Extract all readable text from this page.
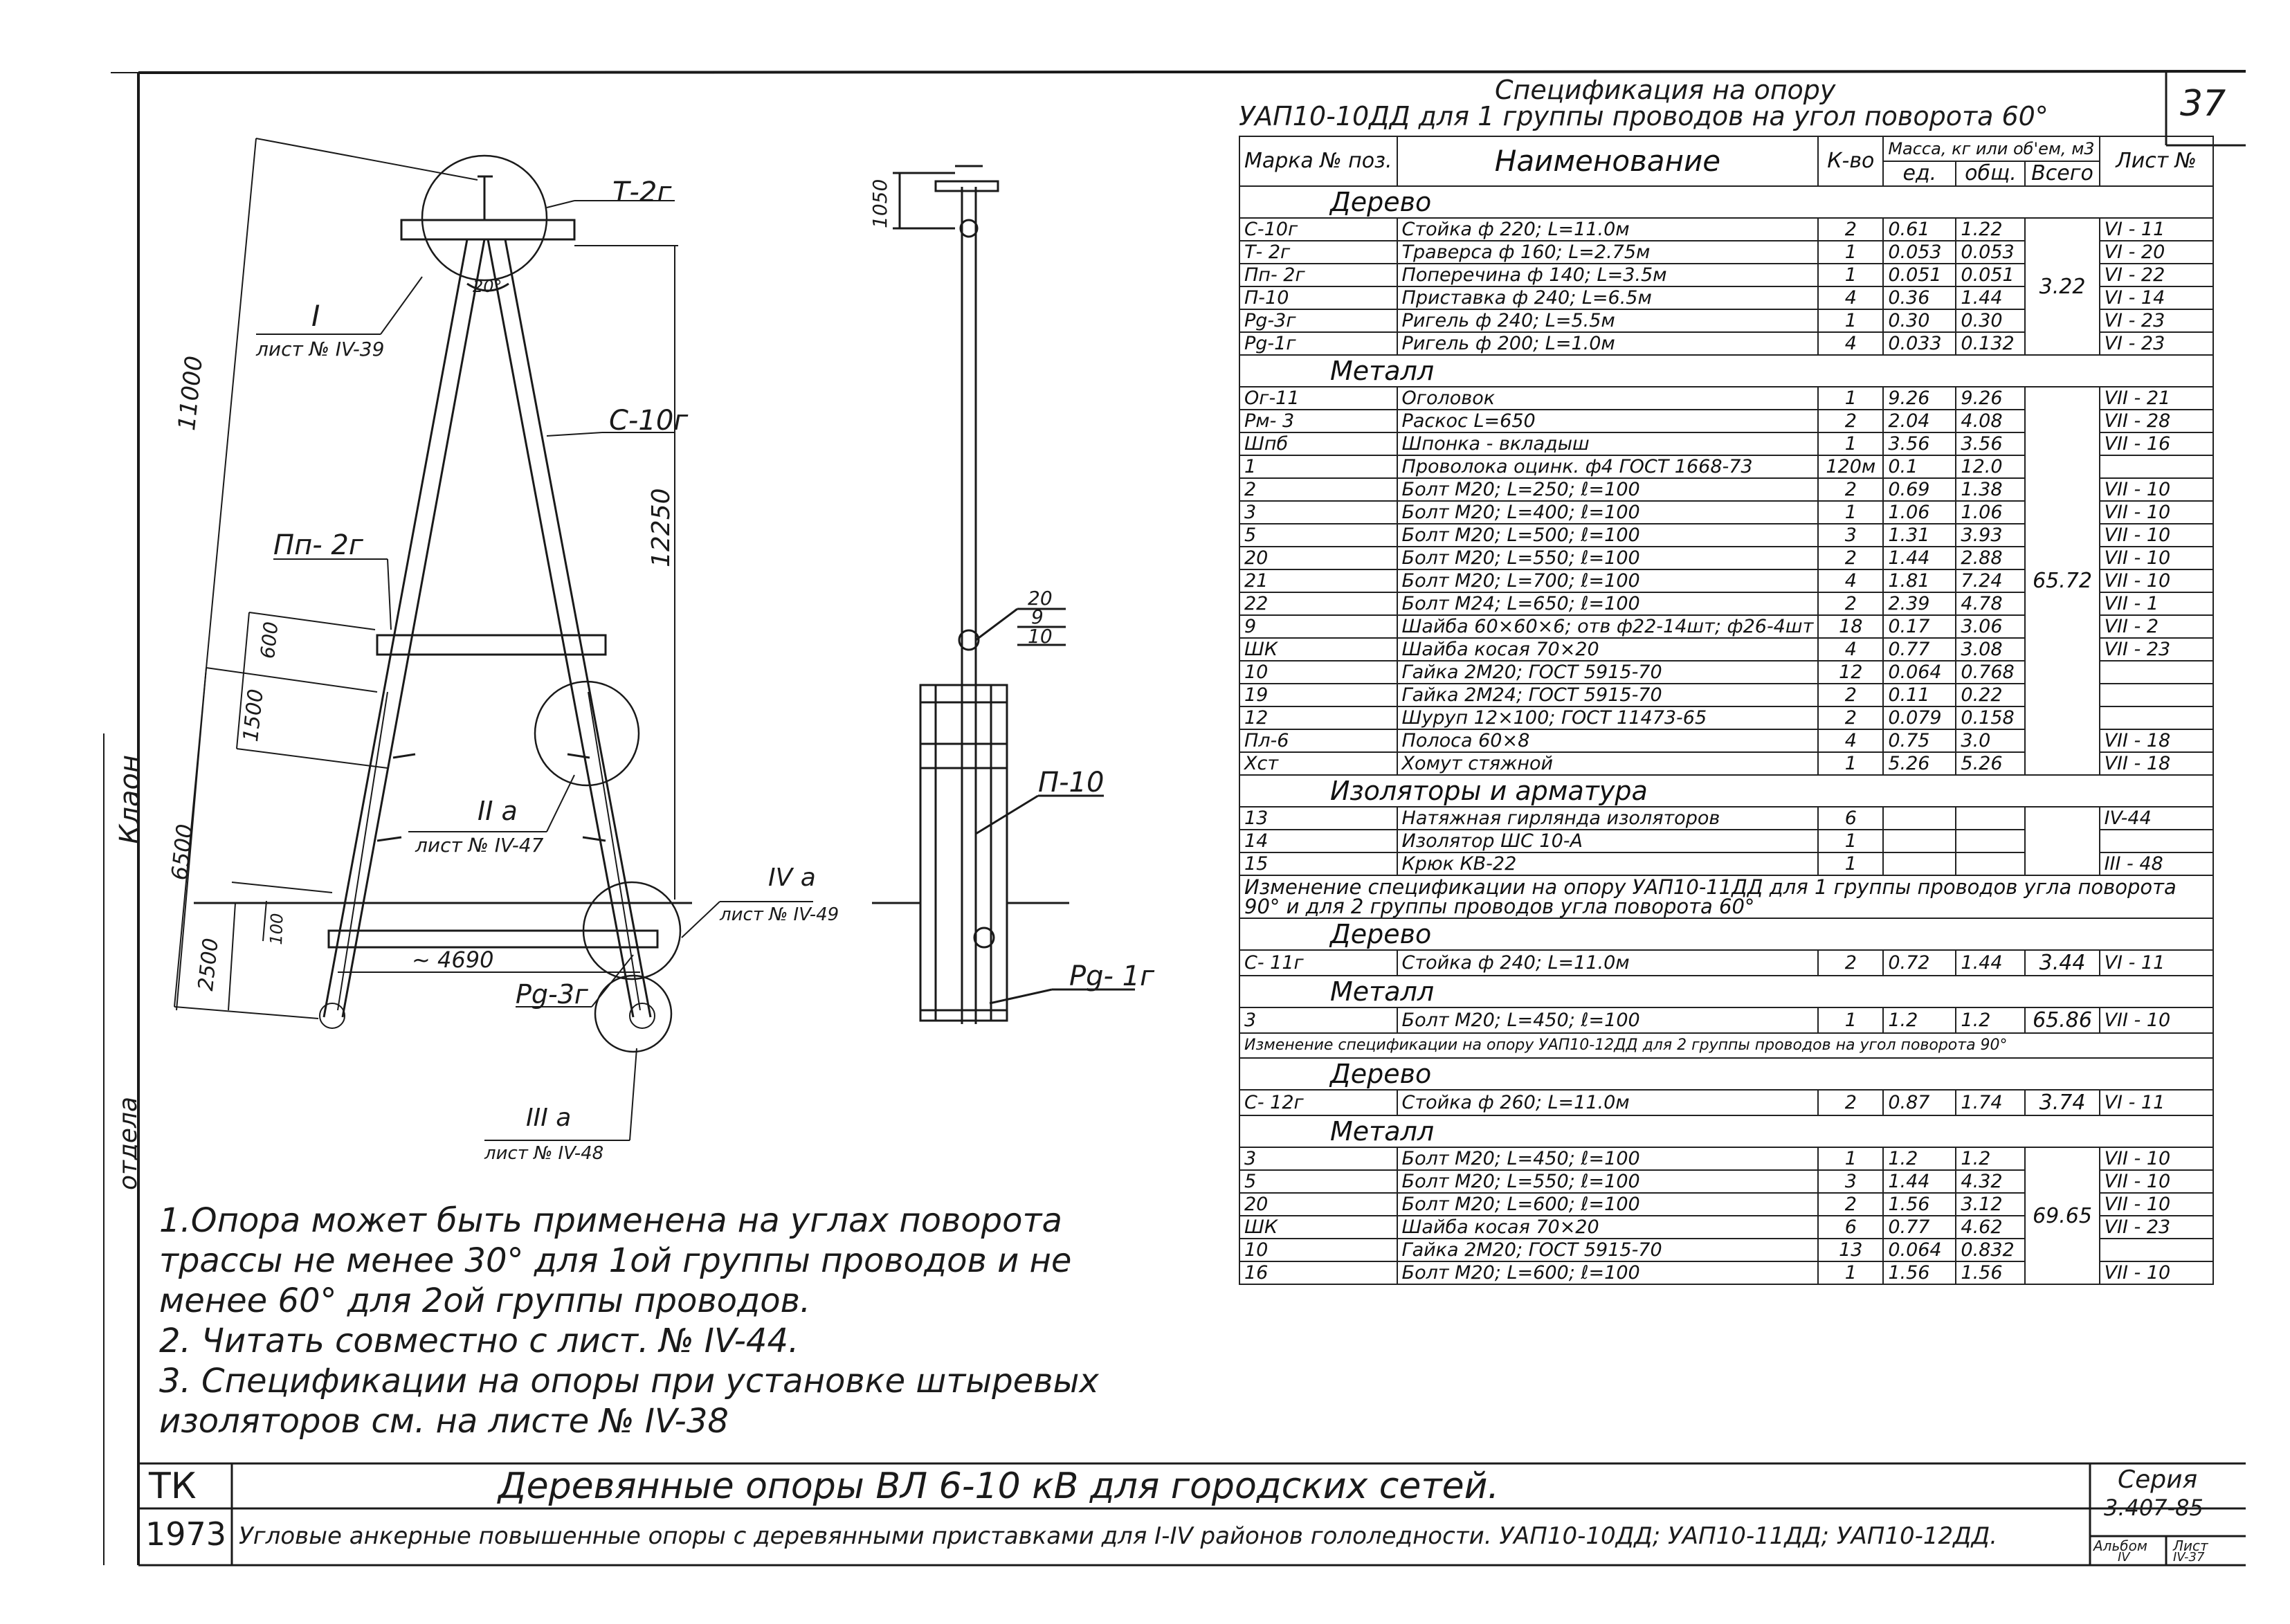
37
Спецификация на опору
УАП10-10ДД для 1 группы проводов на угол поворота 60°
Марка № поз.	Наименование	К-во	Масса, кг или об'ем, м3			Лист №
			ед.	общ.	Всего	
Дерево						
С-10г	Стойка ф 220; L=11.0м	2	0.61	1.22	3.22	VI - 11
Т- 2г	Траверса ф 160; L=2.75м	1	0.053	0.053		VI - 20
Пп- 2г	Поперечина ф 140; L=3.5м	1	0.051	0.051		VI - 22
П-10	Приставка ф 240; L=6.5м	4	0.36	1.44		VI - 14
Рg-3г	Ригель ф 240; L=5.5м	1	0.30	0.30		VI - 23
Рg-1г	Ригель ф 200; L=1.0м	4	0.033	0.132		VI - 23
Металл						
Ог-11	Оголовок	1	9.26	9.26	65.72	VII - 21
Рм- 3	Раскос L=650	2	2.04	4.08		VII - 28
Шпб	Шпонка - вкладыш	1	3.56	3.56		VII - 16
1	Проволока оцинк. ф4 ГОСТ 1668-73	120м	0.1	12.0		
2	Болт М20; L=250; ℓ=100	2	0.69	1.38		VII - 10
3	Болт М20; L=400; ℓ=100	1	1.06	1.06		VII - 10
5	Болт М20; L=500; ℓ=100	3	1.31	3.93		VII - 10
20	Болт М20; L=550; ℓ=100	2	1.44	2.88		VII - 10
21	Болт М20; L=700; ℓ=100	4	1.81	7.24		VII - 10
22	Болт М24; L=650; ℓ=100	2	2.39	4.78		VII - 1
9	Шайба 60×60×6; отв ф22-14шт; ф26-4шт	18	0.17	3.06		VII - 2
ШК	Шайба косая 70×20	4	0.77	3.08		VII - 23
10	Гайка 2М20; ГОСТ 5915-70	12	0.064	0.768		
19	Гайка 2М24; ГОСТ 5915-70	2	0.11	0.22		
12	Шуруп 12×100; ГОСТ 11473-65	2	0.079	0.158		
Пл-6	Полоса 60×8	4	0.75	3.0		VII - 18
Хст	Хомут стяжной	1	5.26	5.26		VII - 18
Изоляторы и арматура						
13	Натяжная гирлянда изоляторов	6				IV-44
14	Изолятор ШС 10-А	1				
15	Крюк КВ-22	1				III - 48
Изменение спецификации на опору УАП10-11ДД для 1 группы проводов угла поворота 90° и для 2 группы проводов угла поворота 60°						
Дерево						
С- 11г	Стойка ф 240; L=11.0м	2	0.72	1.44	3.44	VI - 11
Металл						
3	Болт М20; L=450; ℓ=100	1	1.2	1.2	65.86	VII - 10
Изменение спецификации на опору УАП10-12ДД для 2 группы проводов на угол поворота 90°						
Дерево						
С- 12г	Стойка ф 260; L=11.0м	2	0.87	1.74	3.74	VI - 11
Металл						
3	Болт М20; L=450; ℓ=100	1	1.2	1.2	69.65	VII - 10
5	Болт М20; L=550; ℓ=100	3	1.44	4.32		VII - 10
20	Болт М20; L=600; ℓ=100	2	1.56	3.12		VII - 10
ШК	Шайба косая 70×20	6	0.77	4.62		VII - 23
10	Гайка 2М20; ГОСТ 5915-70	13	0.064	0.832		
16	Болт М20; L=600; ℓ=100	1	1.56	1.56		VII - 10
Т-2г
С-10г
Пп- 2г
П-10
Рg- 1г
Рg-3г
I
лист № IV-39
II а
лист № IV-47
III а
лист № IV-48
IV а
лист № IV-49
11000
12250
6500
2500
1500
600
100
~ 4690
1050
20°
20
9
10
Клаон
отдела
1.Опора может быть применена на углах поворота
трассы не менее 30° для 1ой группы проводов и не
менее 60° для 2ой группы проводов.
2. Читать совместно с лист. № IV-44.
3. Спецификации на опоры при установке штыревых
изоляторов см. на листе № IV-38
ТК
1973
Деревянные опоры ВЛ 6-10 кВ для городских сетей.
Угловые анкерные повышенные опоры с деревянными приставками для I-IV районов гололедности. УАП10-10ДД; УАП10-11ДД; УАП10-12ДД.
Серия
3.407-85
Альбом
IV
Лист
IV-37
